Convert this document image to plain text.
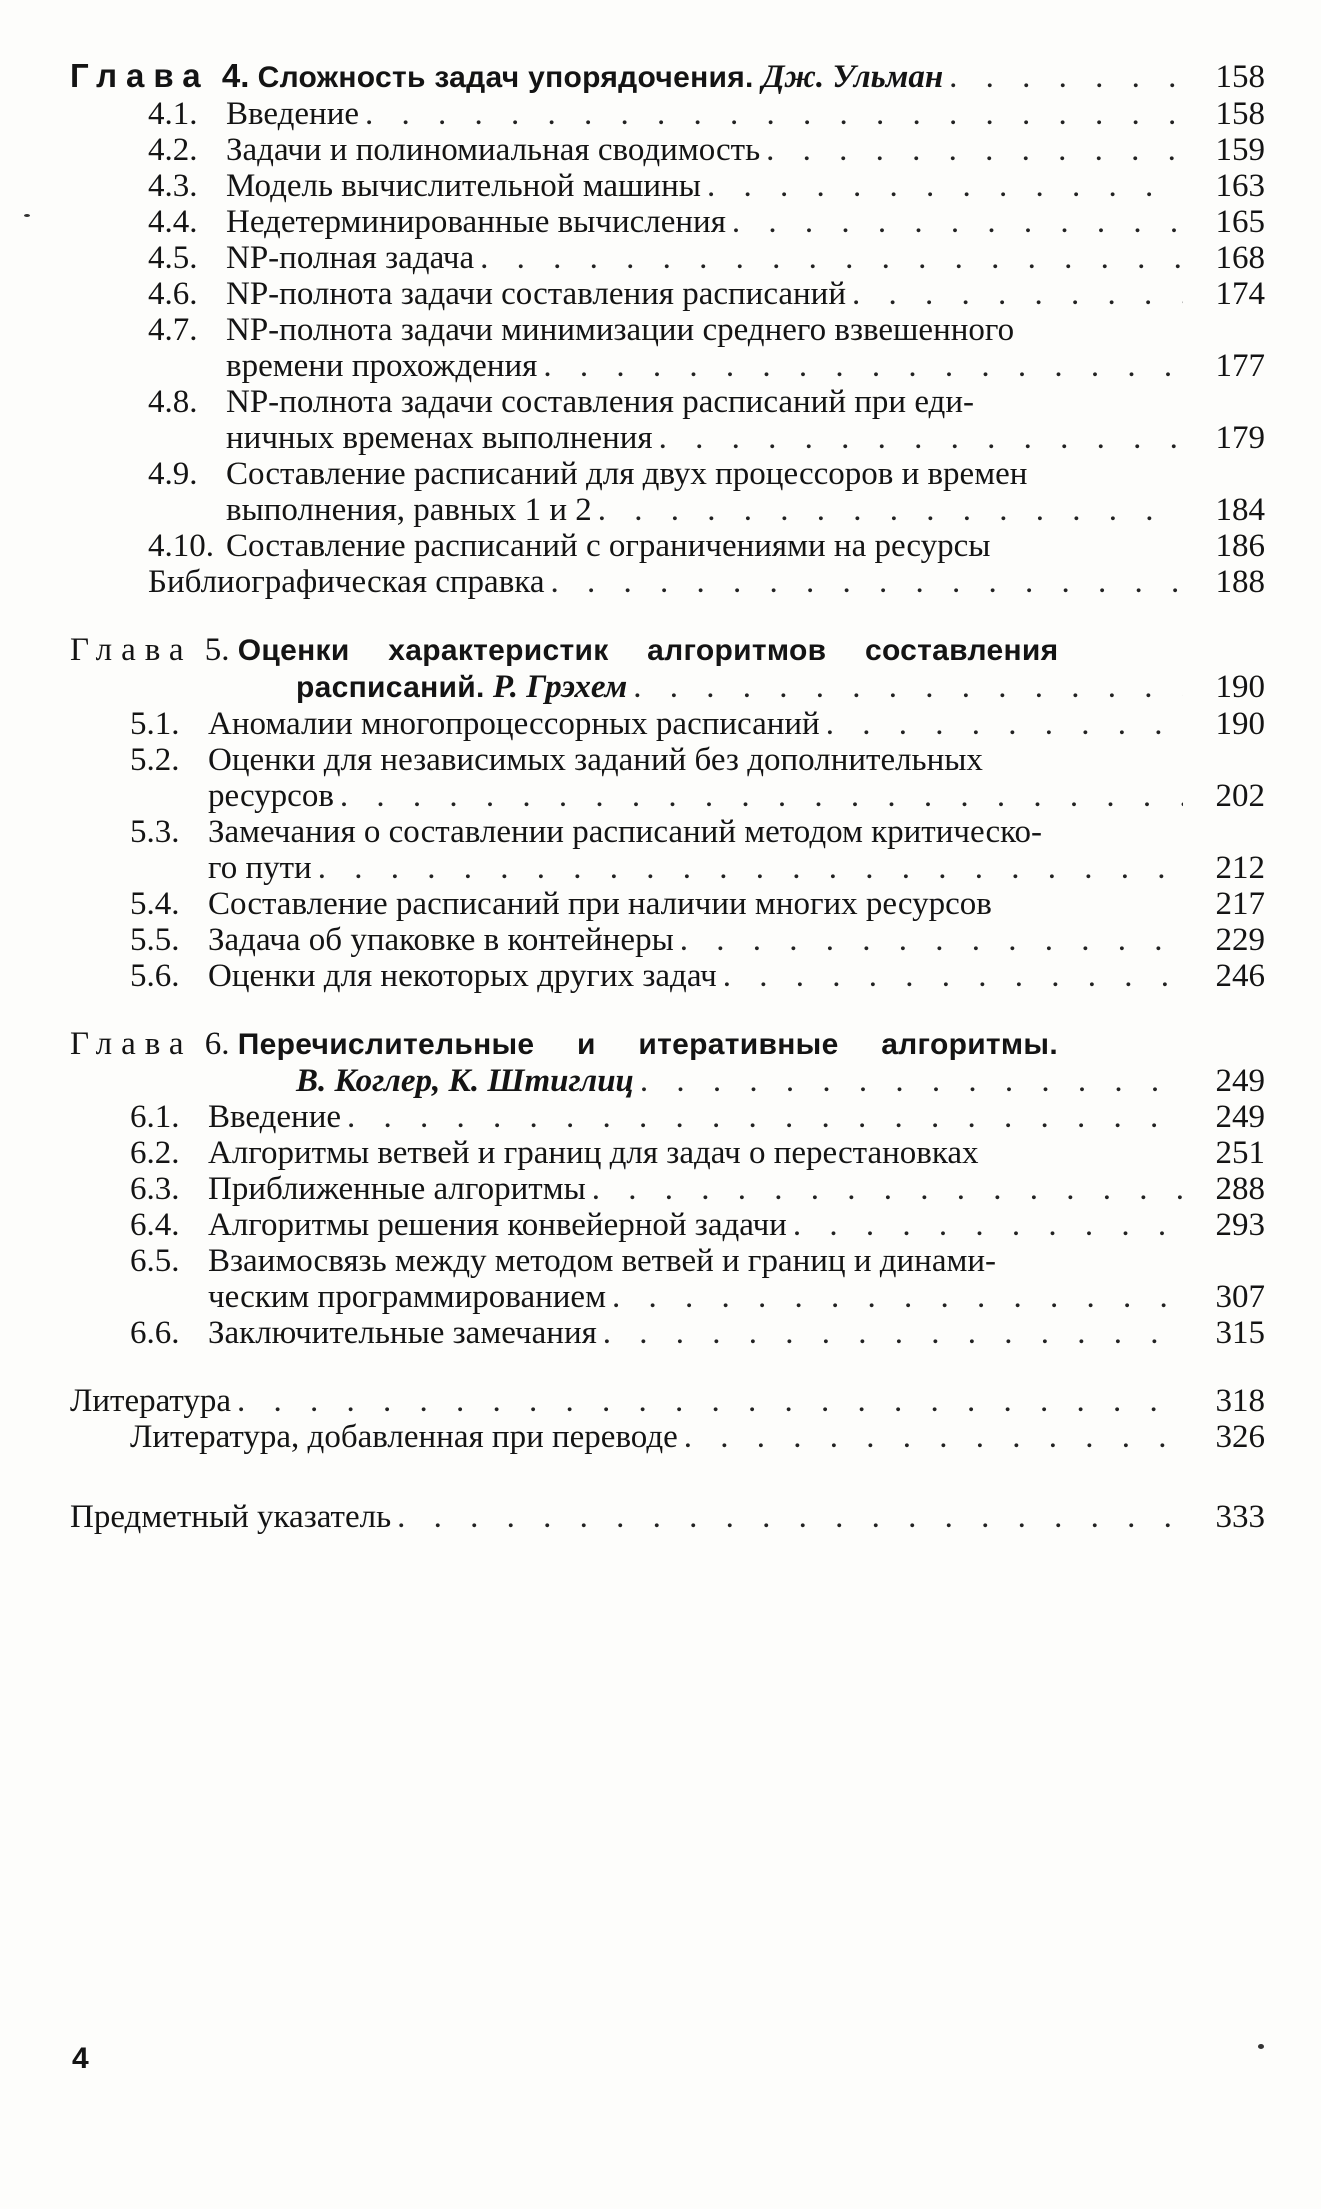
Глава 4. Сложность задач упорядочения. Дж. Ульман . . .	158
4.1. Введение . . .	158
4.2. Задачи и полиномиальная сводимость . . .	159
4.3. Модель вычислительной машины . . .	163
4.4. Недетерминированные вычисления . . .	165
4.5. NP-полная задача . . .	168
4.6. NP-полнота задачи составления расписаний . . .	174
4.7. NP-полнота задачи минимизации среднего взвешенного
времени прохождения . . .	177
4.8. NP-полнота задачи составления расписаний при еди-
ничных временах выполнения . . .	179
4.9. Составление расписаний для двух процессоров и времен
выполнения, равных 1 и 2 . . .	184
4.10. Составление расписаний с ограничениями на ресурсы	186
Библиографическая справка . . .	188
Глава 5. Оценки характеристик алгоритмов составления
расписаний. Р. Грэхем . . .	190
5.1. Аномалии многопроцессорных расписаний . . .	190
5.2. Оценки для независимых заданий без дополнительных
ресурсов . . .	202
5.3. Замечания о составлении расписаний методом критическо-
го пути . . .	212
5.4. Составление расписаний при наличии многих ресурсов	217
5.5. Задача об упаковке в контейнеры . . .	229
5.6. Оценки для некоторых других задач . . .	246
Глава 6. Перечислительные и итеративные алгоритмы.
В. Коглер, К. Штиглиц . . .	249
6.1. Введение . . .	249
6.2. Алгоритмы ветвей и границ для задач о перестановках	251
6.3. Приближенные алгоритмы . . .	288
6.4. Алгоритмы решения конвейерной задачи . . .	293
6.5. Взаимосвязь между методом ветвей и границ и динами-
ческим программированием . . .	307
6.6. Заключительные замечания . . .	315
Литература . . .	318
Литература, добавленная при переводе . . .	326
Предметный указатель . . .	333
4
